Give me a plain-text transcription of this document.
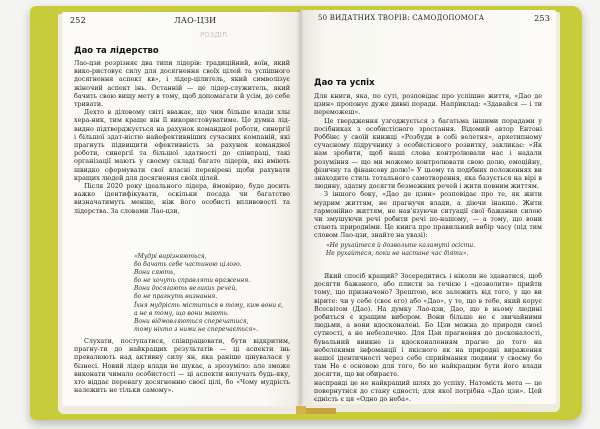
252	ЛАО-ЦЗИ
РОЗДІЛ
Дао та лідерство

Лао-цзи розрізняє два типи лідерів: традиційний, воїн, який вико-ристовує силу для досягнення своїх цілей та успішного досягнення аспект кв», і лідер-цілитель, який символізує жіночий аспект інь. Останній — це лідер-служитель, який бачить свою вищу мету в тому, щоб допомагати й усім, до себе тривати.

Дехто в діловому світі вважає, що чим більше влади хлы хера-ник, тим краще він її використовуватиме. Це думка лід-видно підтверджується на рахунок командної роботи, синергії і більшої здат-ністю найефективніших сучасних компаній, які прагнуть підвищити ефективність за рахунок командної роботи, синергії та більшої здатності до співпраці, такі організації мають у своєму складі багато лідерів, які вміють швидко сформувати свої власні перевірені щоби рахувати кращих людей для досягнення своїх цілей.

Після 2020 року ідеального лідера, ймовірно, буде досить важко ідентифікувати, оскільки посада чи багатство визначатимуть менше, ніж його особисті впливовості та лідерства. За словами Лао-цзи,

«Мудрі вирізняються,
бо бачать себе частиною цілого.
Вони сяють,
бо не хочуть справляти враження.
Вони досягають великих речей,
бо не прагнуть визнання.
Їхня мудрість міститься в тому, ким вони є,
а не в тому, що вони мають.
Вони відмовляються сперечатися,
тому ніхто з ними не сперечається».

Слухати, поступатися, співпрацювати, бути відкритим, прагну-ти до найкращих результатів — ці аспекти інь превалюють над активну силу ян, яка раніше цінувалася у бізнесі. Новий лідер влади не шукає, а зрозуміло: але зможе виконати чимало особистості — ці аспекти вилучать будь-яку, хто віддає перевагу досягненню своєї цілі, бо «Чому мудрість належить не тільки самому».

50 ВИДАТНИХ ТВОРІВ: САМОДОПОМОГА	253
Дао та успіх

Для книги, яка, по суті, розповідає про успішне життя, «Дао де цзин» пропонує дуже дивні поради. Наприклад: «Здавайся — і ти переможеш».

Це твердження узгоджується з багатьма іншими порадами у посібниках з особистісного зростання. Відомий автор Ентоні Роббінс у своїй книжці «Розбуди в собі велетня», архетипному сучасному підручнику з особистісного розвитку, закликає: «Як нам зробити, щоб наші слова контролювали нас і надали розуміння — що ми можемо контролювати свою долю, емоційну, фізичну та фінансову долю!» У цьому та подібних положеннях ви знаходите стиль тотального самотворення, яка базується на вірі в людину, здатну досягти безмежних речей і жити повним життям.

З іншого боку, «Дао де цзин» розповідає про те, як жити мудрим життям, не прагнучи влади, а діючи інакше. Жити гармонійно життям, не нав'язуючи ситуації свої бажання силою чи змушуючи речі робити речі по-нашому, — а тому, що вони стають природніми. Це книга про правильний вибір часу (під тим словом Лао-цзи, знайте на увазі):

«Не рухайтеся й дозвольте каламуті осісти.
Не рухайтеся, поки не настане час діяти».

Який спосіб кращий? Зосередитись і ніколи не здаватися, щоб досягти бажаного, або плисти за течією і «дозволити» прийти тому, що призначено? Зрештою, все залежить від того, у що ви вірите: чи у себе (своє его) або «Дао», у те, що в тебе, який керує Всесвітом (Дао). На думку Лао-цзи, Дао, що в ньому людині робиться є кращим вибором. Вони більше не є звичайними людьми, а вони вдосконалені. Бо Цзи можна до природи своєї сутності, а не небезпечно. Для Цзи прагнення до досконалості, бувальний вникне із вдосконаленням прагне до того на небелекими інфоманції і якісного як на природні вираження нашої ідентичності через себе сприймання людини у своєму бо там Не є основою для того, бо не найкращим бути його влади досягти, що ви обираєте.

насправді це не найкращий шлях до успіху. Натомість мета — це повернутися до стану єдності; для якої потрібна «Дао цзи». Цей єдність є ця «Одно до неба».
